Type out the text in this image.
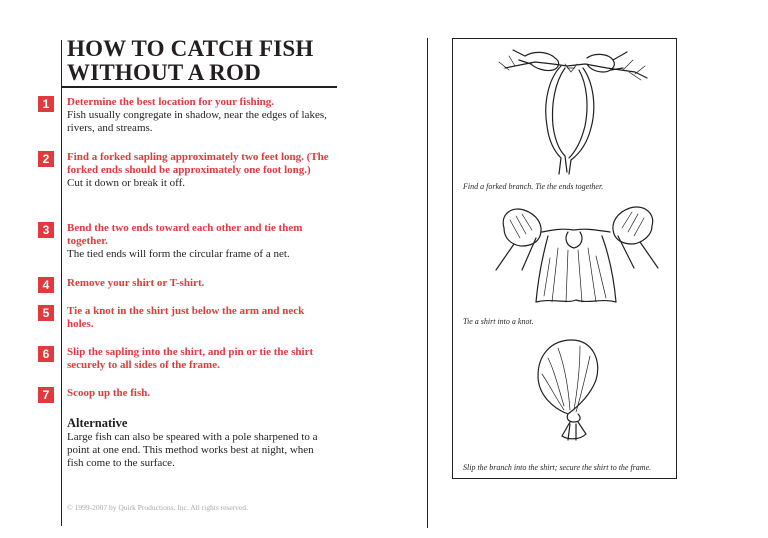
HOW TO CATCH FISH
WITHOUT A ROD
1	Determine the best location for your fishing.
Fish usually congregate in shadow, near the edges of lakes, rivers, and streams.
2	Find a forked sapling approximately two feet long. (The forked ends should be approximately one foot long.)
Cut it down or break it off.
3	Bend the two ends toward each other and tie them together.
The tied ends will form the circular frame of a net.
4	Remove your shirt or T-shirt.
5	Tie a knot in the shirt just below the arm and neck holes.
6	Slip the sapling into the shirt, and pin or tie the shirt securely to all sides of the frame.
7	Scoop up the fish.
Alternative
Large fish can also be speared with a pole sharpened to a point at one end. This method works best at night, when fish come to the surface.
© 1999-2007 by Quirk Productions, Inc. All rights reserved.
Find a forked branch. Tie the ends together.
Tie a shirt into a knot.
Slip the branch into the shirt; secure the shirt to the frame.
